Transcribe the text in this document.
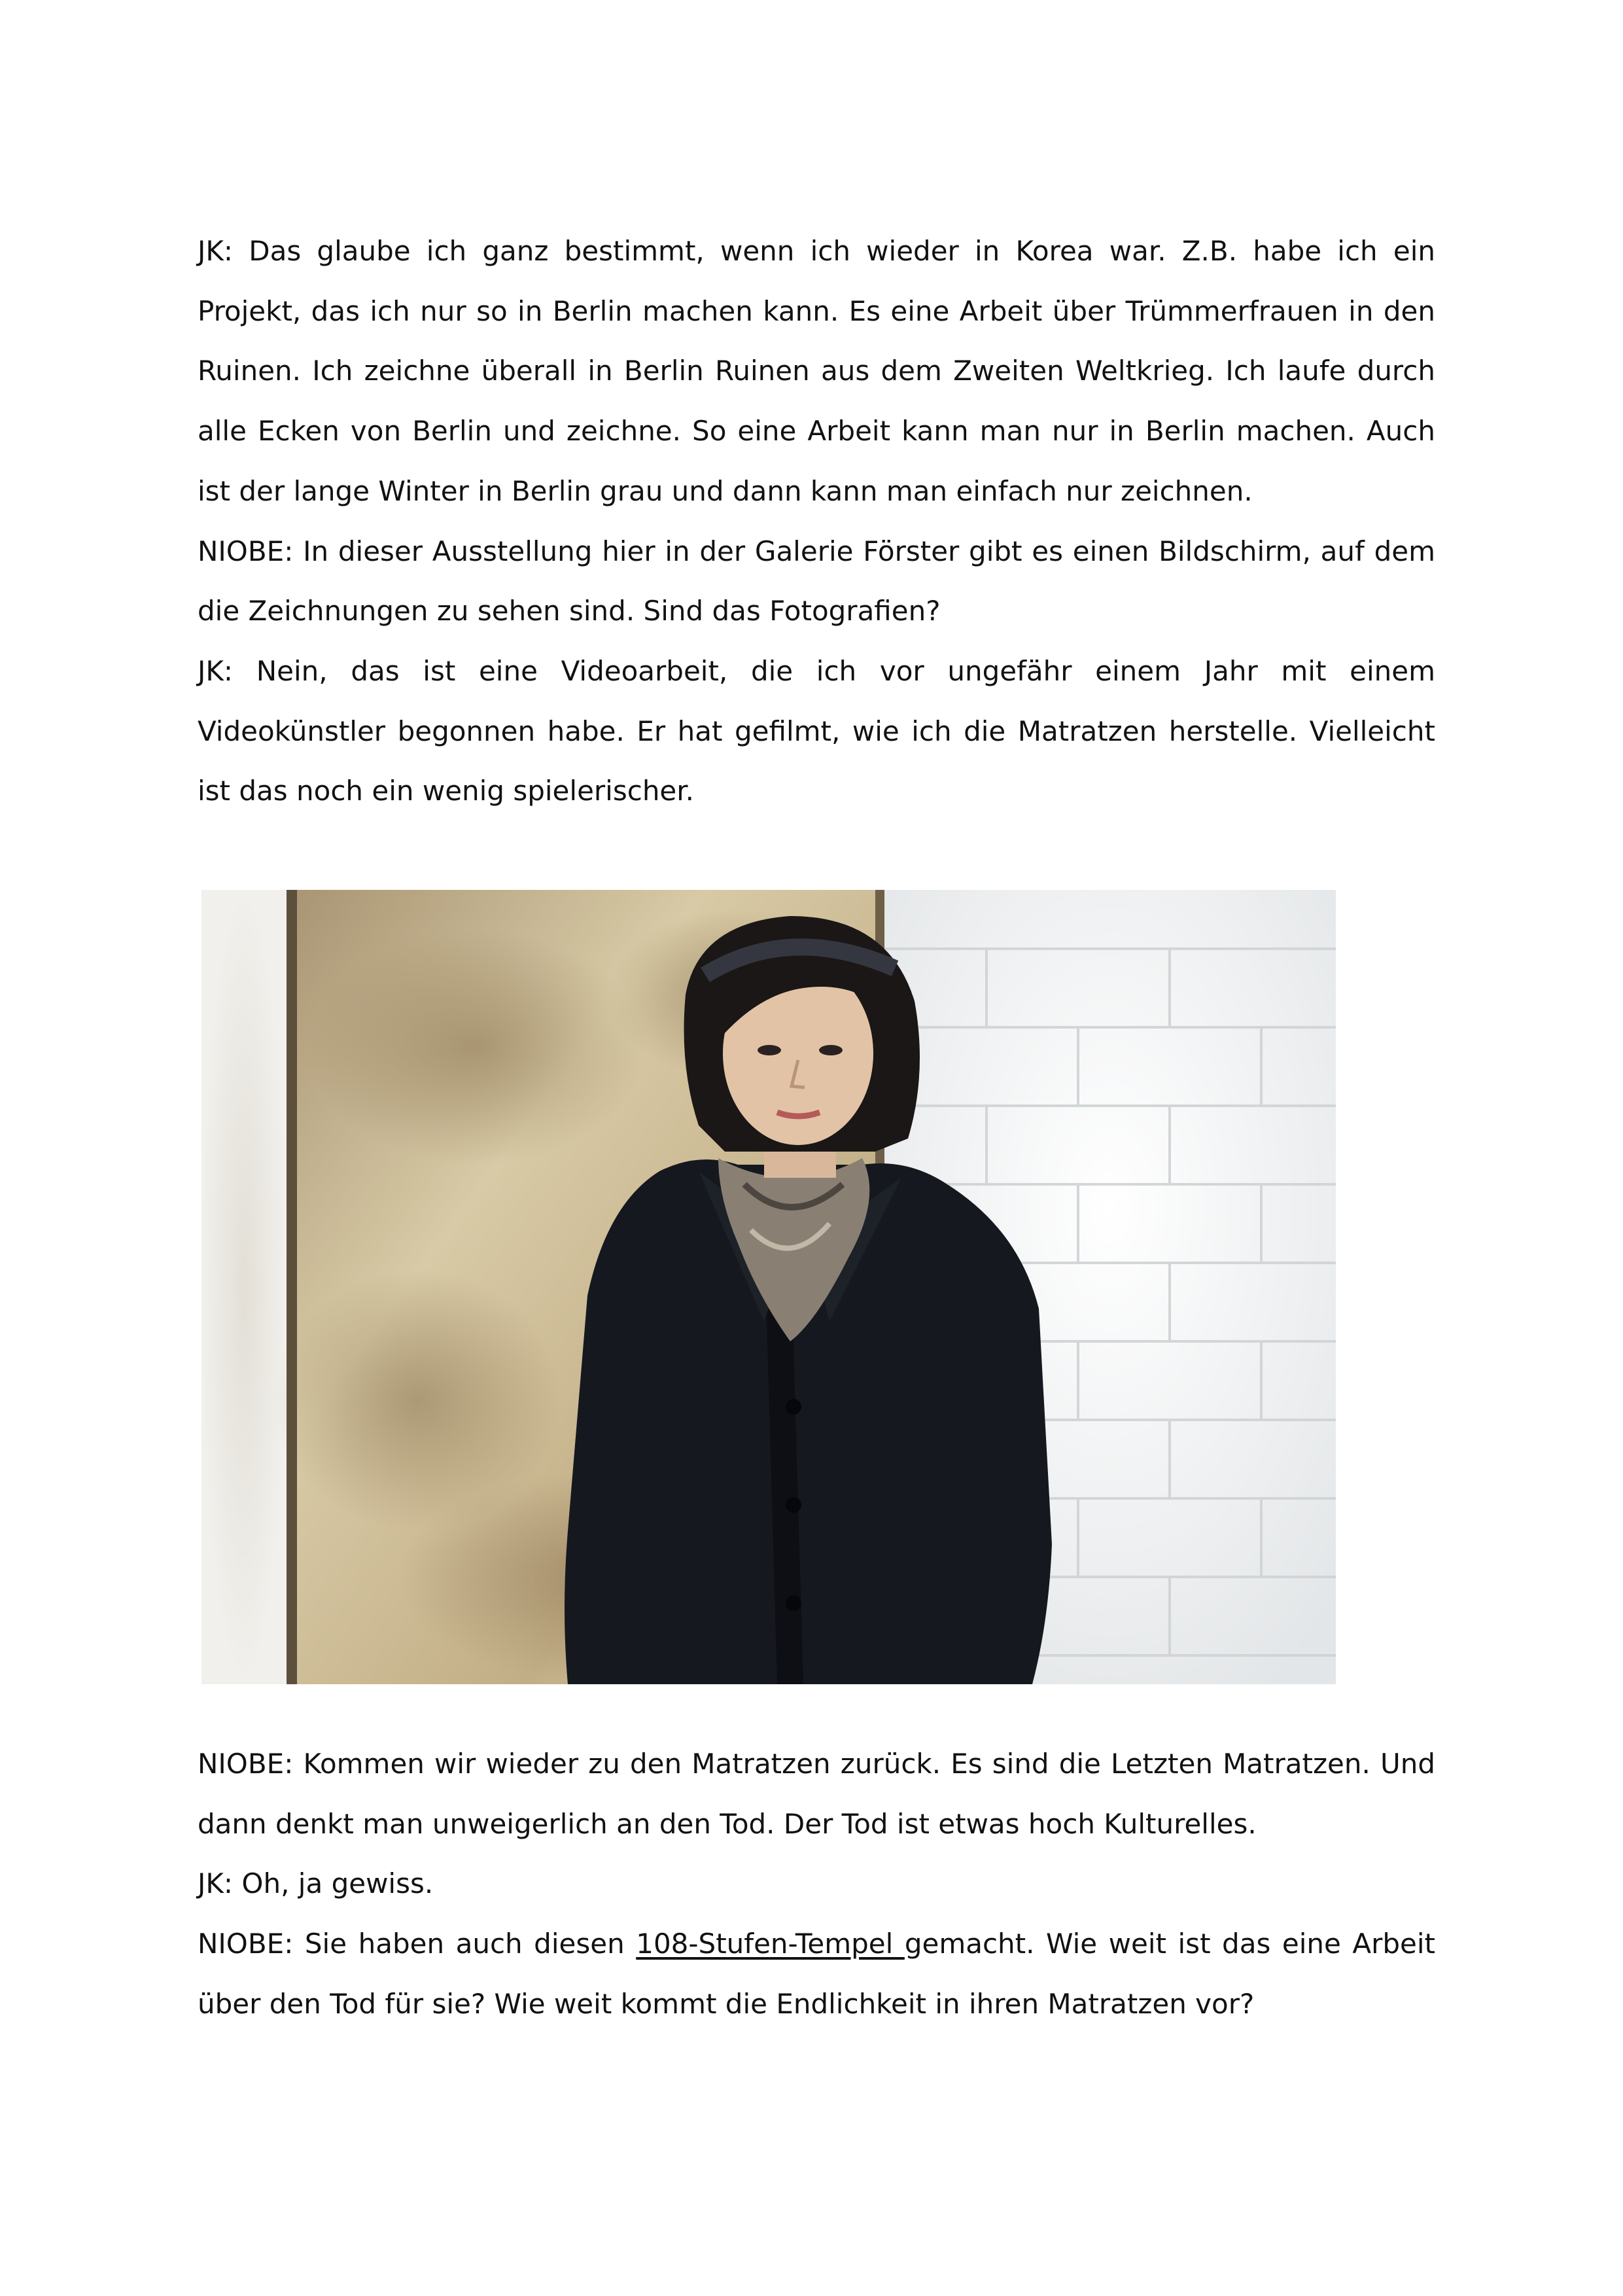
JK: Das glaube ich ganz bestimmt, wenn ich wieder in Korea war. Z.B. habe ich ein Projekt, das ich nur so in Berlin machen kann. Es eine Arbeit über Trümmerfrauen in den Ruinen. Ich zeichne überall in Berlin Ruinen aus dem Zweiten Weltkrieg. Ich laufe durch alle Ecken von Berlin und zeichne. So eine Arbeit kann man nur in Berlin machen. Auch ist der lange Winter in Berlin grau und dann kann man einfach nur zeichnen.

NIOBE: In dieser Ausstellung hier in der Galerie Förster gibt es einen Bildschirm, auf dem die Zeichnungen zu sehen sind. Sind das Fotografien?

JK: Nein, das ist eine Videoarbeit, die ich vor ungefähr einem Jahr mit einem Videokünstler begonnen habe. Er hat gefilmt, wie ich die Matratzen herstelle. Vielleicht ist das noch ein wenig spielerischer.

NIOBE: Kommen wir wieder zu den Matratzen zurück. Es sind die Letzten Matratzen. Und dann denkt man unweigerlich an den Tod. Der Tod ist etwas hoch Kulturelles.

JK: Oh, ja gewiss.

NIOBE: Sie haben auch diesen 108-Stufen-Tempel gemacht. Wie weit ist das eine Arbeit über den Tod für sie? Wie weit kommt die Endlichkeit in ihren Matratzen vor?
